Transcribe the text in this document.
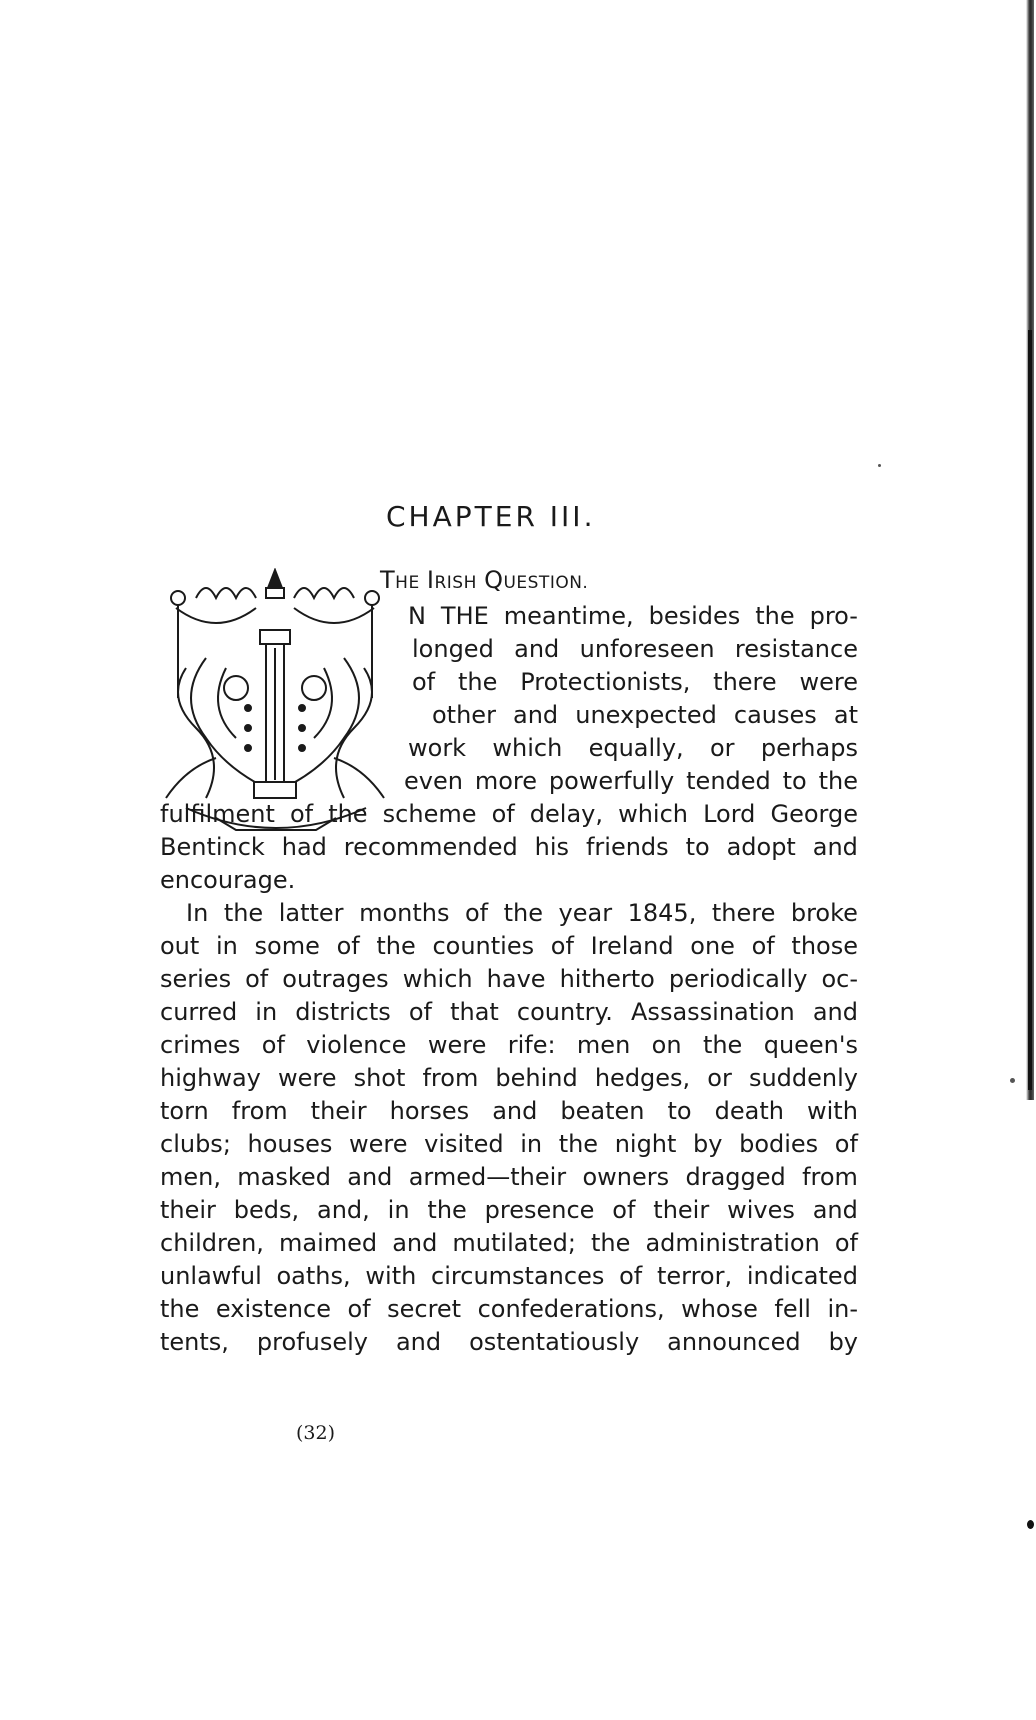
CHAPTER III.
THE IRISH QUESTION.
N THE meantime, besides the pro-
longed and unforeseen resistance
of the Protectionists, there were
other and unexpected causes at
work which equally, or perhaps
even more powerfully tended to the
fulfilment of the scheme of delay, which Lord George
Bentinck had recommended his friends to adopt and
encourage.
In the latter months of the year 1845, there broke
out in some of the counties of Ireland one of those
series of outrages which have hitherto periodically oc-
curred in districts of that country. Assassination and
crimes of violence were rife: men on the queen's
highway were shot from behind hedges, or suddenly
torn from their horses and beaten to death with
clubs; houses were visited in the night by bodies of
men, masked and armed—their owners dragged from
their beds, and, in the presence of their wives and
children, maimed and mutilated; the administration of
unlawful oaths, with circumstances of terror, indicated
the existence of secret confederations, whose fell in-
tents, profusely and ostentatiously announced by
(32)
